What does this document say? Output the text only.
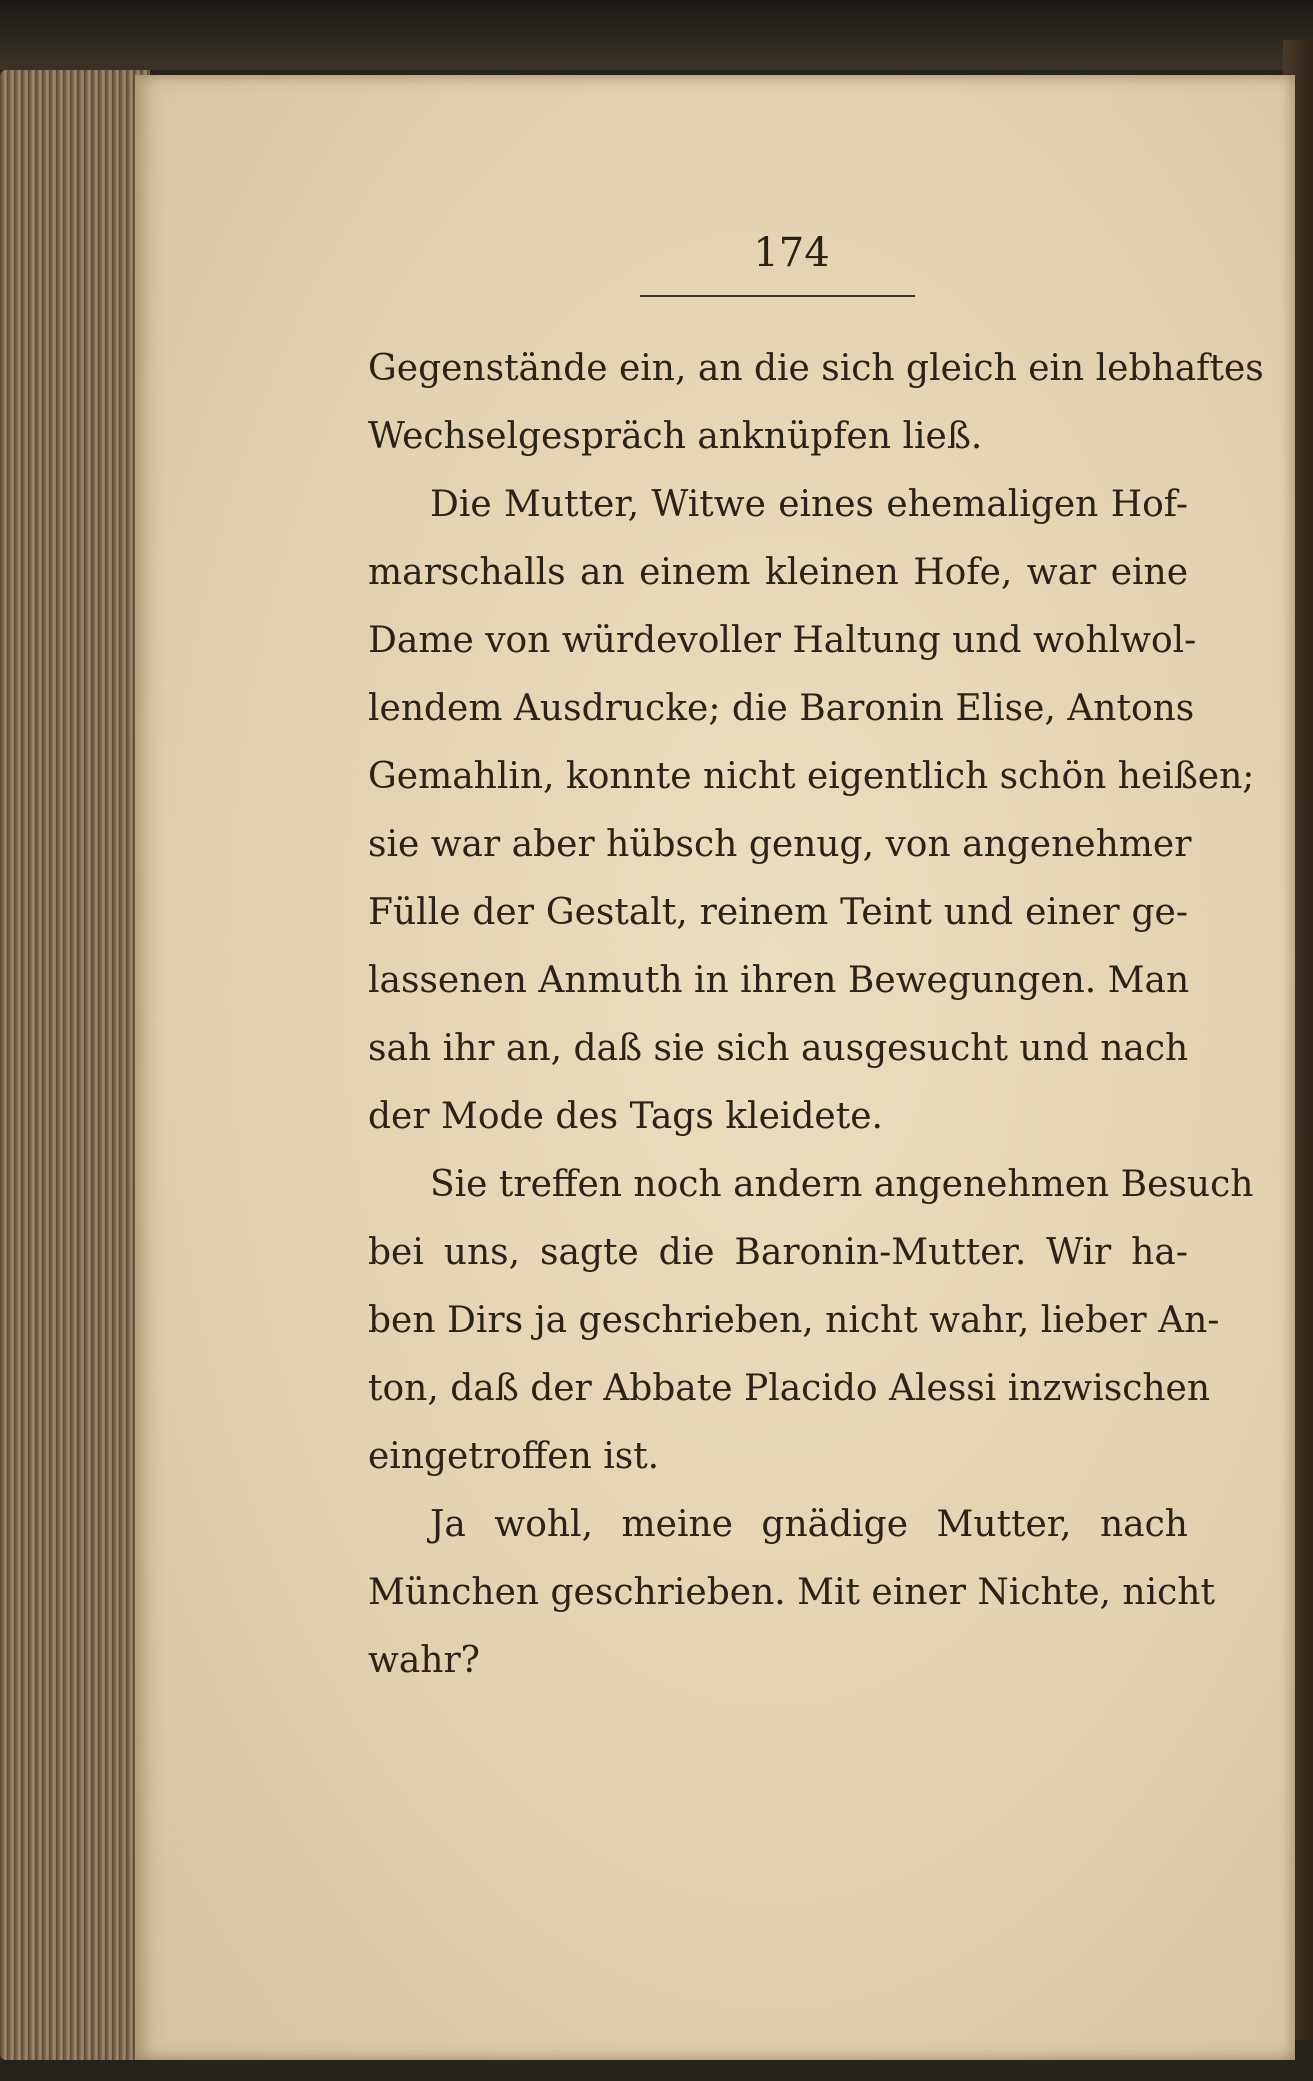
174
Gegenstände ein, an die sich gleich ein lebhaftes
Wechselgespräch anknüpfen ließ.
Die Mutter, Witwe eines ehemaligen Hof-
marschalls an einem kleinen Hofe, war eine
Dame von würdevoller Haltung und wohlwol-
lendem Ausdrucke; die Baronin Elise, Antons
Gemahlin, konnte nicht eigentlich schön heißen;
sie war aber hübsch genug, von angenehmer
Fülle der Gestalt, reinem Teint und einer ge-
lassenen Anmuth in ihren Bewegungen. Man
sah ihr an, daß sie sich ausgesucht und nach
der Mode des Tags kleidete.
Sie treffen noch andern angenehmen Besuch
bei uns, sagte die Baronin-Mutter. Wir ha-
ben Dirs ja geschrieben, nicht wahr, lieber An-
ton, daß der Abbate Placido Alessi inzwischen
eingetroffen ist.
Ja wohl, meine gnädige Mutter, nach
München geschrieben. Mit einer Nichte, nicht
wahr?
